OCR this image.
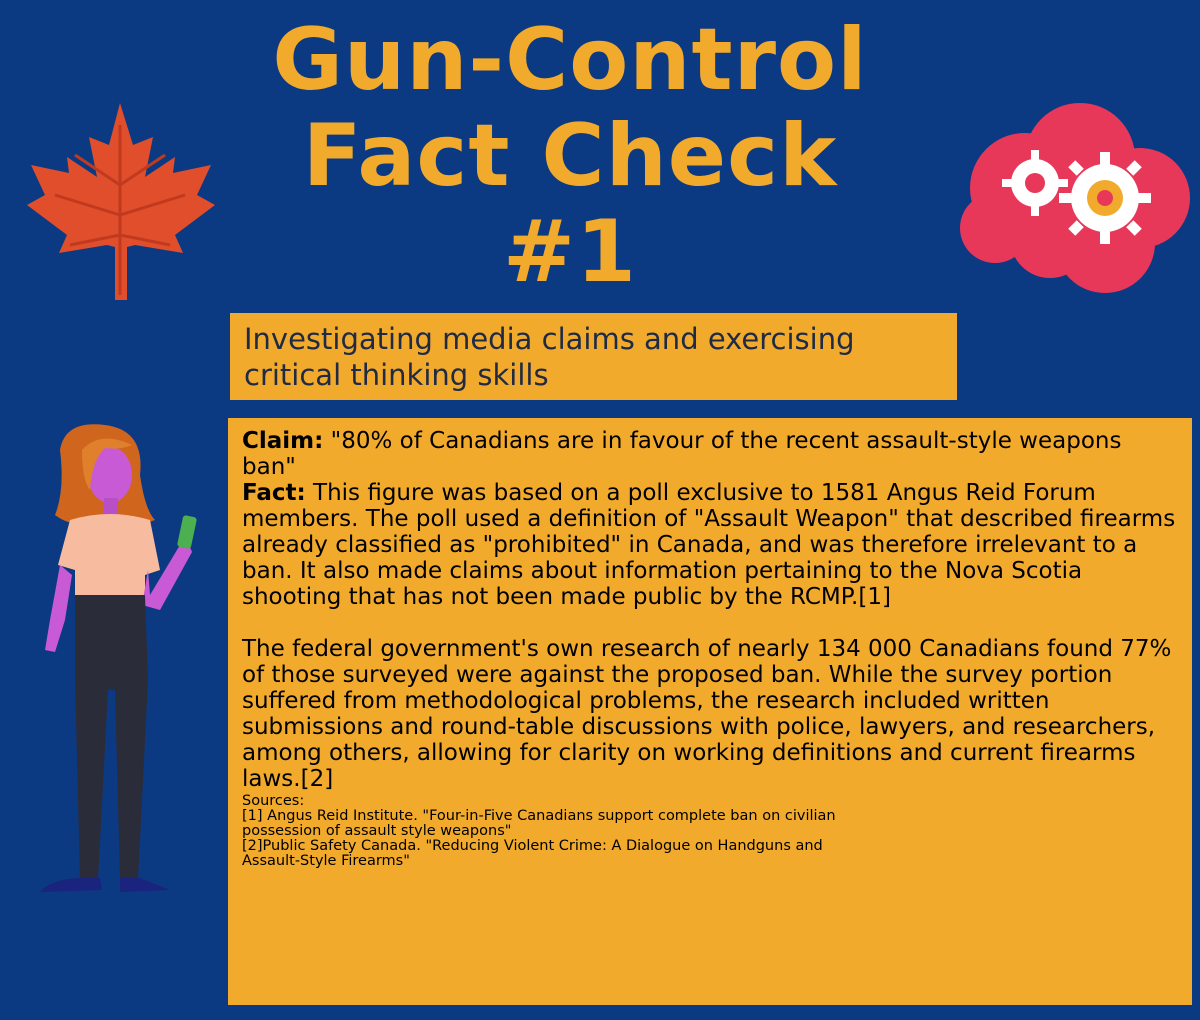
Gun-Control
Fact Check
#1
Investigating media claims and exercising critical thinking skills

Claim: "80% of Canadians are in favour of the recent assault-style weapons ban"

Fact: This figure was based on a poll exclusive to 1581 Angus Reid Forum members. The poll used a definition of "Assault Weapon" that described firearms already classified as "prohibited" in Canada, and was therefore irrelevant to a ban. It also made claims about information pertaining to the Nova Scotia shooting that has not been made public by the RCMP.[1]

The federal government's own research of nearly 134 000 Canadians found 77% of those surveyed were against the proposed ban. While the survey portion suffered from methodological problems, the research included written submissions and round-table discussions with police, lawyers, and researchers, among others, allowing for clarity on working definitions and current firearms laws.[2]

Sources:
[1] Angus Reid Institute. "Four-in-Five Canadians support complete ban on civilian
possession of assault style weapons"
[2]Public Safety Canada. "Reducing Violent Crime: A Dialogue on Handguns and
Assault-Style Firearms"
